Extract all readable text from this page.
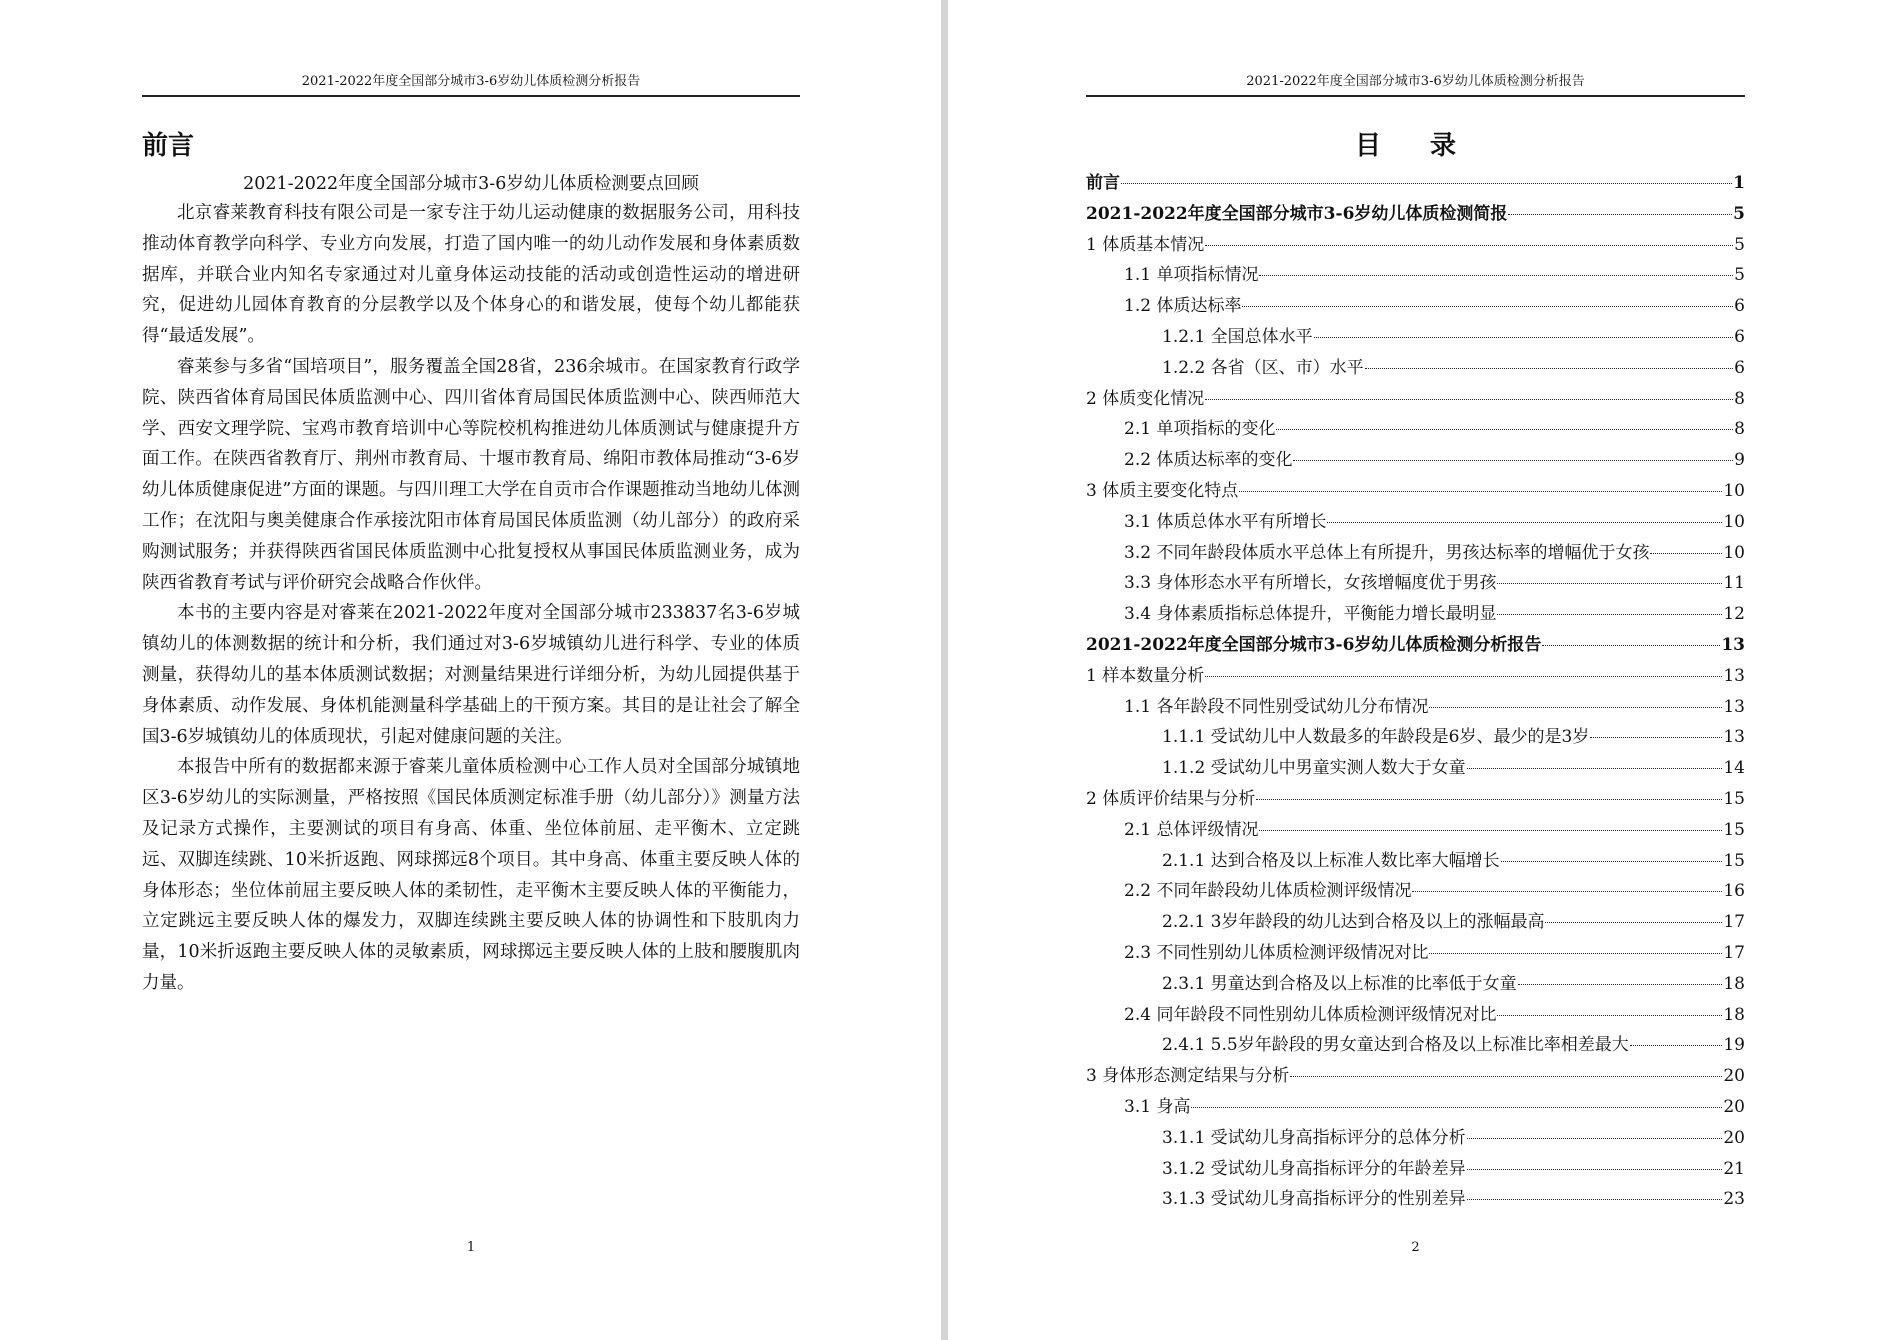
2021-2022年度全国部分城市3-6岁幼儿体质检测分析报告
前言
2021-2022年度全国部分城市3-6岁幼儿体质检测要点回顾

北京睿莱教育科技有限公司是一家专注于幼儿运动健康的数据服务公司，用科技推动体育教学向科学、专业方向发展，打造了国内唯一的幼儿动作发展和身体素质数据库，并联合业内知名专家通过对儿童身体运动技能的活动或创造性运动的增进研究，促进幼儿园体育教育的分层教学以及个体身心的和谐发展，使每个幼儿都能获得“最适发展”。

睿莱参与多省“国培项目”，服务覆盖全国28省，236余城市。在国家教育行政学院、陕西省体育局国民体质监测中心、四川省体育局国民体质监测中心、陕西师范大学、西安文理学院、宝鸡市教育培训中心等院校机构推进幼儿体质测试与健康提升方面工作。在陕西省教育厅、荆州市教育局、十堰市教育局、绵阳市教体局推动“3-6岁幼儿体质健康促进”方面的课题。与四川理工大学在自贡市合作课题推动当地幼儿体测工作；在沈阳与奥美健康合作承接沈阳市体育局国民体质监测（幼儿部分）的政府采购测试服务；并获得陕西省国民体质监测中心批复授权从事国民体质监测业务，成为陕西省教育考试与评价研究会战略合作伙伴。

本书的主要内容是对睿莱在2021-2022年度对全国部分城市233837名3-6岁城镇幼儿的体测数据的统计和分析，我们通过对3-6岁城镇幼儿进行科学、专业的体质测量，获得幼儿的基本体质测试数据；对测量结果进行详细分析，为幼儿园提供基于身体素质、动作发展、身体机能测量科学基础上的干预方案。其目的是让社会了解全国3-6岁城镇幼儿的体质现状，引起对健康问题的关注。

本报告中所有的数据都来源于睿莱儿童体质检测中心工作人员对全国部分城镇地区3-6岁幼儿的实际测量，严格按照《国民体质测定标准手册（幼儿部分）》测量方法及记录方式操作，主要测试的项目有身高、体重、坐位体前屈、走平衡木、立定跳远、双脚连续跳、10米折返跑、网球掷远8个项目。其中身高、体重主要反映人体的身体形态；坐位体前屈主要反映人体的柔韧性，走平衡木主要反映人体的平衡能力，立定跳远主要反映人体的爆发力，双脚连续跳主要反映人体的协调性和下肢肌肉力量，10米折返跑主要反映人体的灵敏素质，网球掷远主要反映人体的上肢和腰腹肌肉力量。

1
2021-2022年度全国部分城市3-6岁幼儿体质检测分析报告
目 录
前言	1
2021-2022年度全国部分城市3-6岁幼儿体质检测简报	5
1 体质基本情况	5
1.1 单项指标情况	5
1.2 体质达标率	6
1.2.1 全国总体水平	6
1.2.2 各省（区、市）水平	6
2 体质变化情况	8
2.1 单项指标的变化	8
2.2 体质达标率的变化	9
3 体质主要变化特点	10
3.1 体质总体水平有所增长	10
3.2 不同年龄段体质水平总体上有所提升，男孩达标率的增幅优于女孩	10
3.3 身体形态水平有所增长，女孩增幅度优于男孩	11
3.4 身体素质指标总体提升，平衡能力增长最明显	12
2021-2022年度全国部分城市3-6岁幼儿体质检测分析报告	13
1 样本数量分析	13
1.1 各年龄段不同性别受试幼儿分布情况	13
1.1.1 受试幼儿中人数最多的年龄段是6岁、最少的是3岁	13
1.1.2 受试幼儿中男童实测人数大于女童	14
2 体质评价结果与分析	15
2.1 总体评级情况	15
2.1.1 达到合格及以上标准人数比率大幅增长	15
2.2 不同年龄段幼儿体质检测评级情况	16
2.2.1 3岁年龄段的幼儿达到合格及以上的涨幅最高	17
2.3 不同性别幼儿体质检测评级情况对比	17
2.3.1 男童达到合格及以上标准的比率低于女童	18
2.4 同年龄段不同性别幼儿体质检测评级情况对比	18
2.4.1 5.5岁年龄段的男女童达到合格及以上标准比率相差最大	19
3 身体形态测定结果与分析	20
3.1 身高	20
3.1.1 受试幼儿身高指标评分的总体分析	20
3.1.2 受试幼儿身高指标评分的年龄差异	21
3.1.3 受试幼儿身高指标评分的性别差异	23
2
